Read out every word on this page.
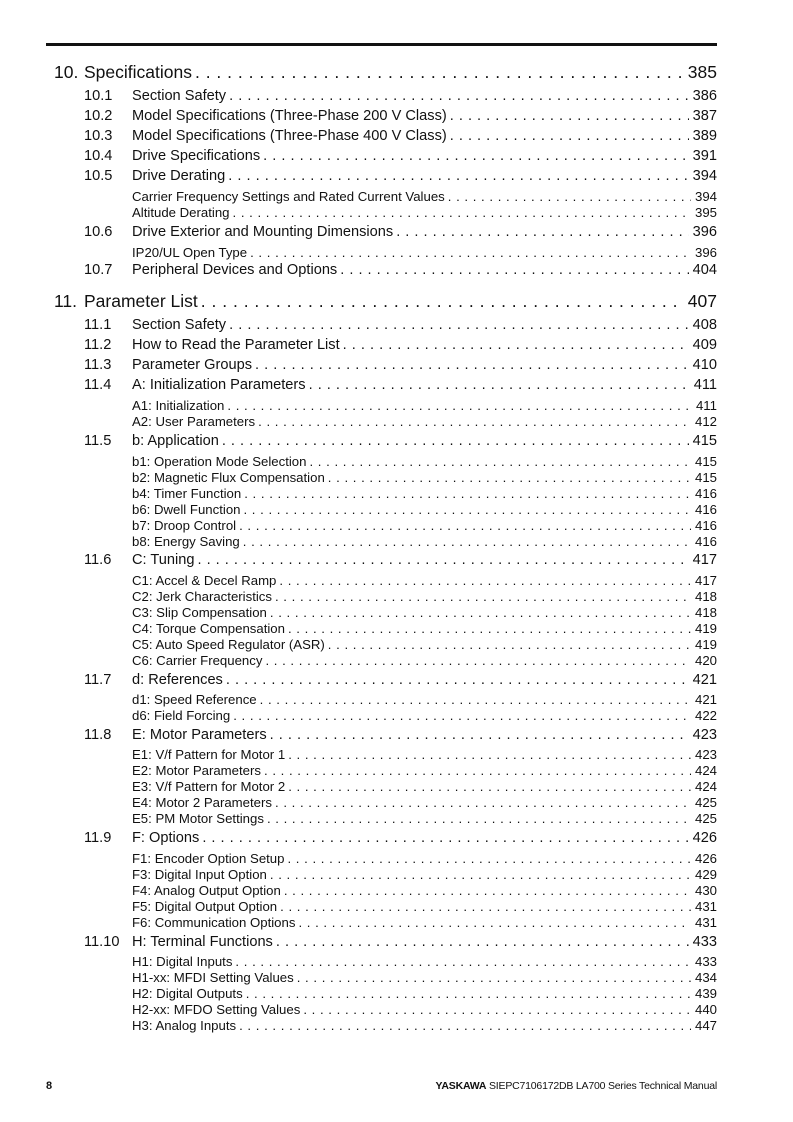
10. Specifications . . .	385
10.1	Section Safety . . .	386
10.2	Model Specifications (Three-Phase 200 V Class) . . .	387
10.3	Model Specifications (Three-Phase 400 V Class) . . .	389
10.4	Drive Specifications . . .	391
10.5	Drive Derating . . .	394
Carrier Frequency Settings and Rated Current Values . . .	394
Altitude Derating . . .	395
10.6	Drive Exterior and Mounting Dimensions . . .	396
IP20/UL Open Type . . .	396
10.7	Peripheral Devices and Options . . .	404
11. Parameter List . . .	407
11.1	Section Safety . . .	408
11.2	How to Read the Parameter List . . .	409
11.3	Parameter Groups . . .	410
11.4	A: Initialization Parameters . . .	411
A1: Initialization . . .	411
A2: User Parameters . . .	412
11.5	b: Application . . .	415
b1: Operation Mode Selection . . .	415
b2: Magnetic Flux Compensation . . .	415
b4: Timer Function . . .	416
b6: Dwell Function . . .	416
b7: Droop Control . . .	416
b8: Energy Saving . . .	416
11.6	C: Tuning . . .	417
C1: Accel & Decel Ramp . . .	417
C2: Jerk Characteristics . . .	418
C3: Slip Compensation . . .	418
C4: Torque Compensation . . .	419
C5: Auto Speed Regulator (ASR) . . .	419
C6: Carrier Frequency . . .	420
11.7	d: References . . .	421
d1: Speed Reference . . .	421
d6: Field Forcing . . .	422
11.8	E: Motor Parameters . . .	423
E1: V/f Pattern for Motor 1 . . .	423
E2: Motor Parameters . . .	424
E3: V/f Pattern for Motor 2 . . .	424
E4: Motor 2 Parameters . . .	425
E5: PM Motor Settings . . .	425
11.9	F: Options . . .	426
F1: Encoder Option Setup . . .	426
F3: Digital Input Option . . .	429
F4: Analog Output Option . . .	430
F5: Digital Output Option . . .	431
F6: Communication Options . . .	431
11.10 H: Terminal Functions . . .	433
H1: Digital Inputs . . .	433
H1-xx: MFDI Setting Values . . .	434
H2: Digital Outputs . . .	439
H2-xx: MFDO Setting Values . . .	440
H3: Analog Inputs . . .	447
8	YASKAWA SIEPC7106172DB LA700 Series Technical Manual
